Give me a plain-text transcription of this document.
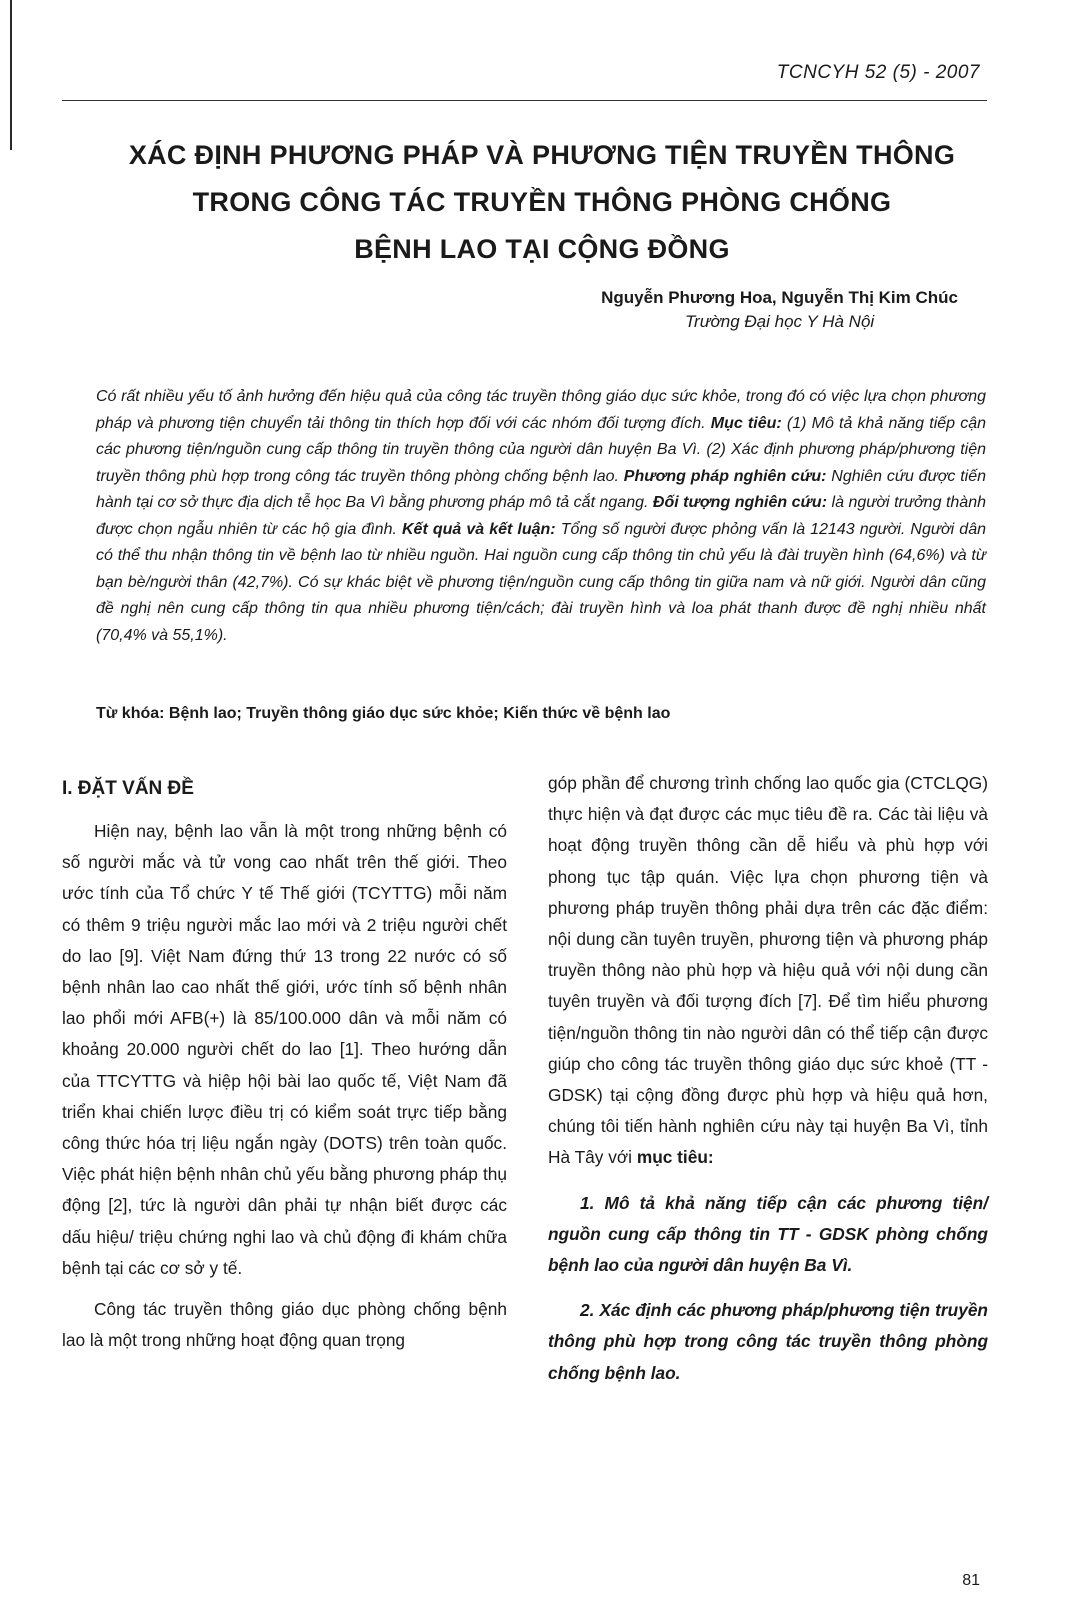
TCNCYH 52 (5) - 2007
XÁC ĐỊNH PHƯƠNG PHÁP VÀ PHƯƠNG TIỆN TRUYỀN THÔNG
TRONG CÔNG TÁC TRUYỀN THÔNG PHÒNG CHỐNG
BỆNH LAO TẠI CỘNG ĐỒNG
Nguyễn Phương Hoa, Nguyễn Thị Kim Chúc
Trường Đại học Y Hà Nội
Có rất nhiều yếu tố ảnh hưởng đến hiệu quả của công tác truyền thông giáo dục sức khỏe, trong đó có việc lựa chọn phương pháp và phương tiện chuyển tải thông tin thích hợp đối với các nhóm đối tượng đích. Mục tiêu: (1) Mô tả khả năng tiếp cận các phương tiện/nguồn cung cấp thông tin truyền thông của người dân huyện Ba Vì. (2) Xác định phương pháp/phương tiện truyền thông phù hợp trong công tác truyền thông phòng chống bệnh lao. Phương pháp nghiên cứu: Nghiên cứu được tiến hành tại cơ sở thực địa dịch tễ học Ba Vì bằng phương pháp mô tả cắt ngang. Đối tượng nghiên cứu: là người trưởng thành được chọn ngẫu nhiên từ các hộ gia đình. Kết quả và kết luận: Tổng số người được phỏng vấn là 12143 người. Người dân có thể thu nhận thông tin về bệnh lao từ nhiều nguồn. Hai nguồn cung cấp thông tin chủ yếu là đài truyền hình (64,6%) và từ bạn bè/người thân (42,7%). Có sự khác biệt về phương tiện/nguồn cung cấp thông tin giữa nam và nữ giới. Người dân cũng đề nghị nên cung cấp thông tin qua nhiều phương tiện/cách; đài truyền hình và loa phát thanh được đề nghị nhiều nhất (70,4% và 55,1%).
Từ khóa: Bệnh lao; Truyền thông giáo dục sức khỏe; Kiến thức về bệnh lao
I. ĐẶT VẤN ĐỀ

Hiện nay, bệnh lao vẫn là một trong những bệnh có số người mắc và tử vong cao nhất trên thế giới. Theo ước tính của Tổ chức Y tế Thế giới (TCYTTG) mỗi năm có thêm 9 triệu người mắc lao mới và 2 triệu người chết do lao [9]. Việt Nam đứng thứ 13 trong 22 nước có số bệnh nhân lao cao nhất thế giới, ước tính số bệnh nhân lao phổi mới AFB(+) là 85/100.000 dân và mỗi năm có khoảng 20.000 người chết do lao [1]. Theo hướng dẫn của TTCYTTG và hiệp hội bài lao quốc tế, Việt Nam đã triển khai chiến lược điều trị có kiểm soát trực tiếp bằng công thức hóa trị liệu ngắn ngày (DOTS) trên toàn quốc. Việc phát hiện bệnh nhân chủ yếu bằng phương pháp thụ động [2], tức là người dân phải tự nhận biết được các dấu hiệu/ triệu chứng nghi lao và chủ động đi khám chữa bệnh tại các cơ sở y tế.

Công tác truyền thông giáo dục phòng chống bệnh lao là một trong những hoạt động quan trọng

góp phần để chương trình chống lao quốc gia (CTCLQG) thực hiện và đạt được các mục tiêu đề ra. Các tài liệu và hoạt động truyền thông cần dễ hiểu và phù hợp với phong tục tập quán. Việc lựa chọn phương tiện và phương pháp truyền thông phải dựa trên các đặc điểm: nội dung cần tuyên truyền, phương tiện và phương pháp truyền thông nào phù hợp và hiệu quả với nội dung cần tuyên truyền và đối tượng đích [7]. Để tìm hiểu phương tiện/nguồn thông tin nào người dân có thể tiếp cận được giúp cho công tác truyền thông giáo dục sức khoẻ (TT - GDSK) tại cộng đồng được phù hợp và hiệu quả hơn, chúng tôi tiến hành nghiên cứu này tại huyện Ba Vì, tỉnh Hà Tây với mục tiêu:

1. Mô tả khả năng tiếp cận các phương tiện/ nguồn cung cấp thông tin TT - GDSK phòng chống bệnh lao của người dân huyện Ba Vì.

2. Xác định các phương pháp/phương tiện truyền thông phù hợp trong công tác truyền thông phòng chống bệnh lao.

81
